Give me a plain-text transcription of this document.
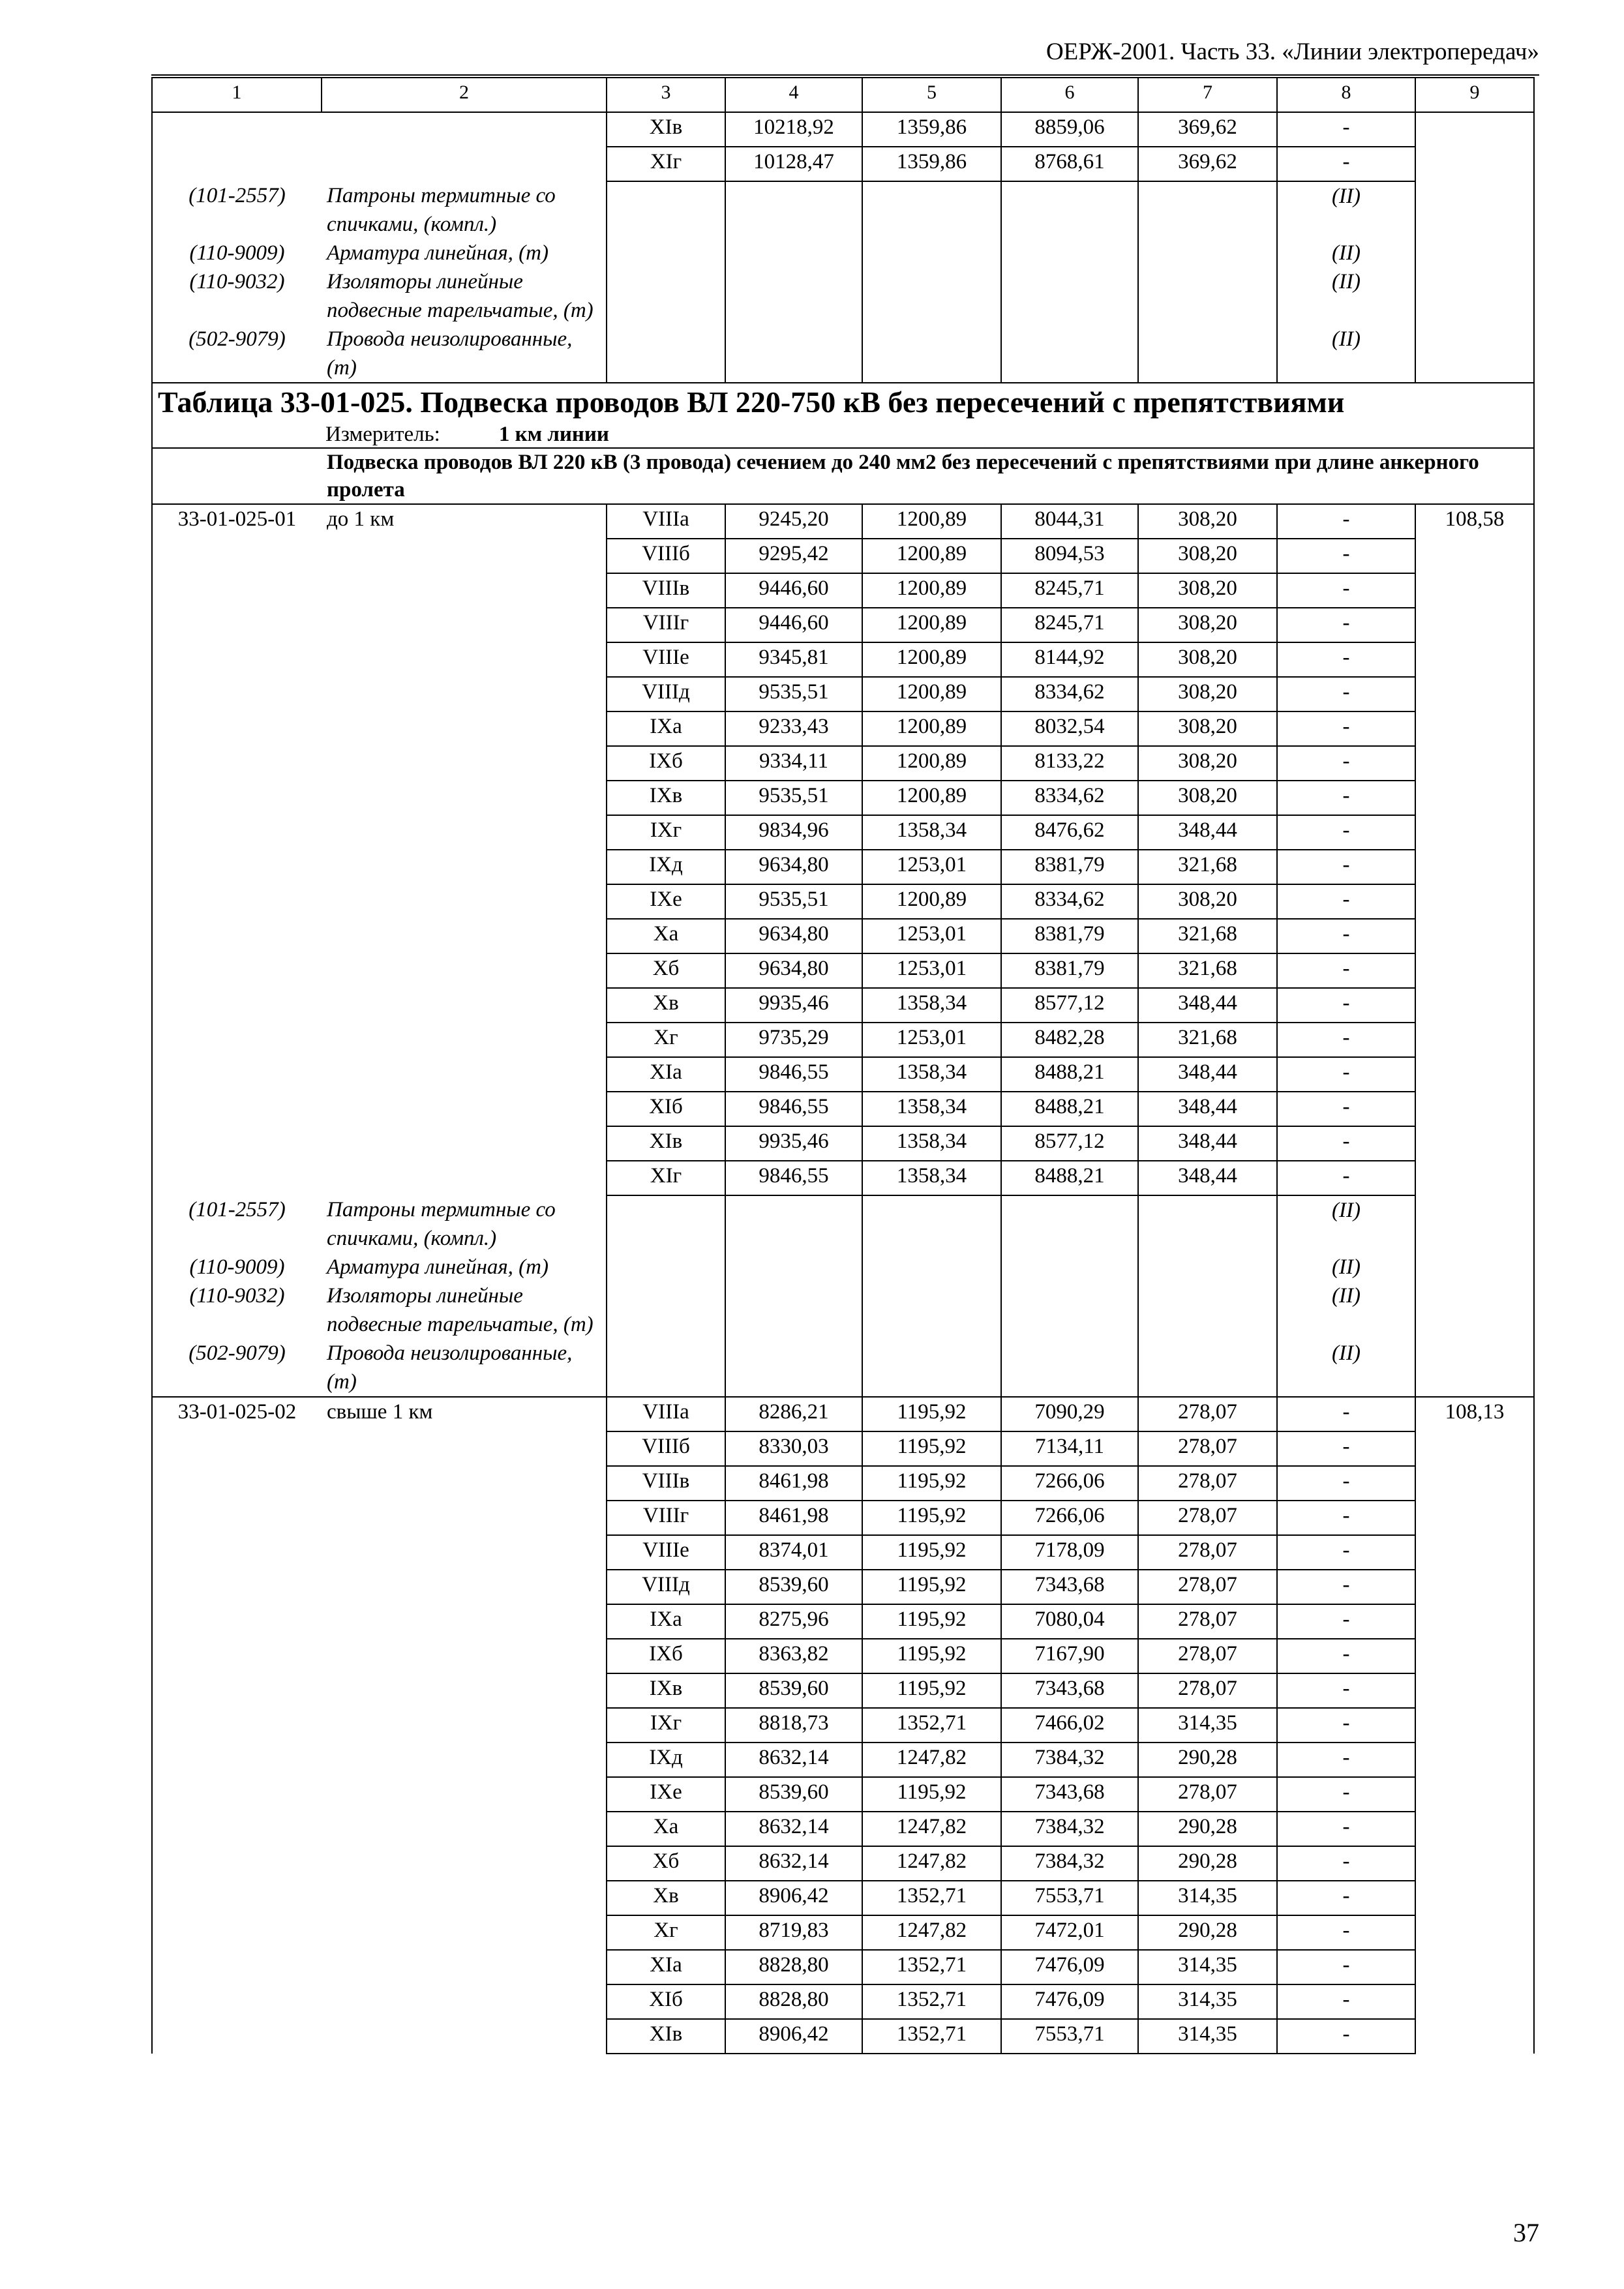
ОЕРЖ-2001. Часть 33. «Линии электропередач»
1	2	3	4	5	6	7	8	9
		XIв	10218,92	1359,86	8859,06	369,62	-	
		XIг	10128,47	1359,86	8768,61	369,62	-	
(101-2557)	Патроны термитные со спичками, (компл.)						(II)	
(110-9009)	Арматура линейная, (т)						(II)	
(110-9032)	Изоляторы линейные подвесные тарельчатые, (т)						(II)	
(502-9079)	Провода неизолированные, (т)						(II)	

Таблица 33-01-025. Подвеска проводов ВЛ 220-750 кВ без пересечений с препятствиями
Измеритель: 1 км линии								

	Подвеска проводов ВЛ 220 кВ (3 провода) сечением до 240 мм2 без пересечений с препятствиями при длине анкерного пролета							
33-01-025-01	до 1 км	VIIIа	9245,20	1200,89	8044,31	308,20	-	108,58
		VIIIб	9295,42	1200,89	8094,53	308,20	-	
		VIIIв	9446,60	1200,89	8245,71	308,20	-	
		VIIIг	9446,60	1200,89	8245,71	308,20	-	
		VIIIе	9345,81	1200,89	8144,92	308,20	-	
		VIIIд	9535,51	1200,89	8334,62	308,20	-	
		IXа	9233,43	1200,89	8032,54	308,20	-	
		IXб	9334,11	1200,89	8133,22	308,20	-	
		IXв	9535,51	1200,89	8334,62	308,20	-	
		IXг	9834,96	1358,34	8476,62	348,44	-	
		IXд	9634,80	1253,01	8381,79	321,68	-	
		IXе	9535,51	1200,89	8334,62	308,20	-	
		Xа	9634,80	1253,01	8381,79	321,68	-	
		Xб	9634,80	1253,01	8381,79	321,68	-	
		Xв	9935,46	1358,34	8577,12	348,44	-	
		Xг	9735,29	1253,01	8482,28	321,68	-	
		XIа	9846,55	1358,34	8488,21	348,44	-	
		XIб	9846,55	1358,34	8488,21	348,44	-	
		XIв	9935,46	1358,34	8577,12	348,44	-	
		XIг	9846,55	1358,34	8488,21	348,44	-	
(101-2557)	Патроны термитные со спичками, (компл.)						(II)	
(110-9009)	Арматура линейная, (т)						(II)	
(110-9032)	Изоляторы линейные подвесные тарельчатые, (т)						(II)	
(502-9079)	Провода неизолированные, (т)						(II)	
33-01-025-02	свыше 1 км	VIIIа	8286,21	1195,92	7090,29	278,07	-	108,13
		VIIIб	8330,03	1195,92	7134,11	278,07	-	
		VIIIв	8461,98	1195,92	7266,06	278,07	-	
		VIIIг	8461,98	1195,92	7266,06	278,07	-	
		VIIIе	8374,01	1195,92	7178,09	278,07	-	
		VIIIд	8539,60	1195,92	7343,68	278,07	-	
		IXа	8275,96	1195,92	7080,04	278,07	-	
		IXб	8363,82	1195,92	7167,90	278,07	-	
		IXв	8539,60	1195,92	7343,68	278,07	-	
		IXг	8818,73	1352,71	7466,02	314,35	-	
		IXд	8632,14	1247,82	7384,32	290,28	-	
		IXе	8539,60	1195,92	7343,68	278,07	-	
		Xа	8632,14	1247,82	7384,32	290,28	-	
		Xб	8632,14	1247,82	7384,32	290,28	-	
		Xв	8906,42	1352,71	7553,71	314,35	-	
		Xг	8719,83	1247,82	7472,01	290,28	-	
		XIа	8828,80	1352,71	7476,09	314,35	-	
		XIб	8828,80	1352,71	7476,09	314,35	-	
		XIв	8906,42	1352,71	7553,71	314,35	-	
37
